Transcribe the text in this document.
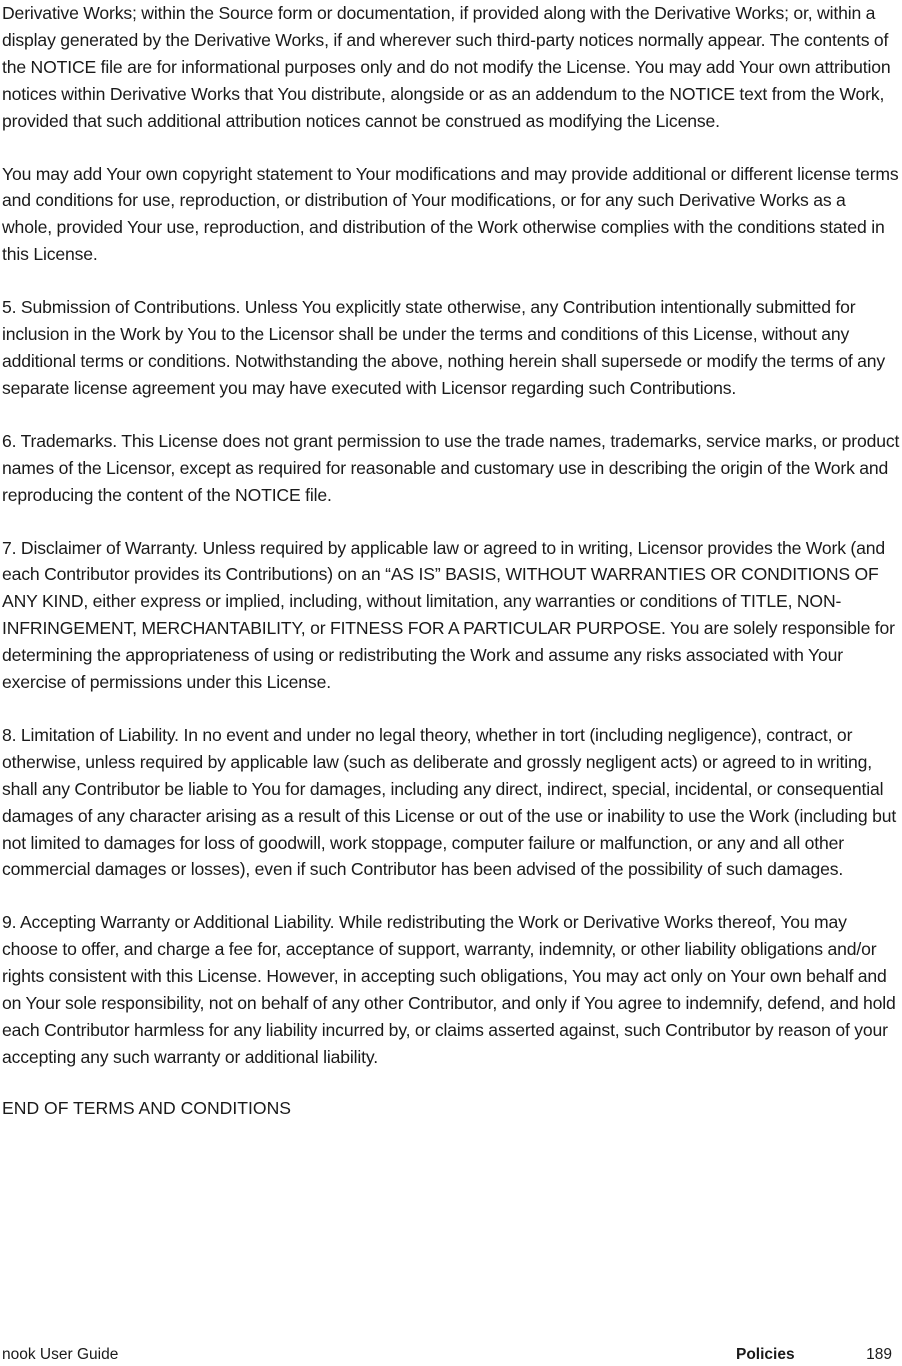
Derivative Works; within the Source form or documentation, if provided along with the Derivative Works; or, within a display generated by the Derivative Works, if and wherever such third-party notices normally appear. The contents of the NOTICE file are for informational purposes only and do not modify the License. You may add Your own attribution notices within Derivative Works that You distribute, alongside or as an addendum to the NOTICE text from the Work, provided that such additional attribution notices cannot be construed as modifying the License.

You may add Your own copyright statement to Your modifications and may provide additional or different license terms and conditions for use, reproduction, or distribution of Your modifications, or for any such Derivative Works as a whole, provided Your use, reproduction, and distribution of the Work otherwise complies with the conditions stated in this License.

5. Submission of Contributions. Unless You explicitly state otherwise, any Contribution intentionally submitted for inclusion in the Work by You to the Licensor shall be under the terms and conditions of this License, without any additional terms or conditions. Notwithstanding the above, nothing herein shall supersede or modify the terms of any separate license agreement you may have executed with Licensor regarding such Contributions.

6. Trademarks. This License does not grant permission to use the trade names, trademarks, service marks, or product names of the Licensor, except as required for reasonable and customary use in describing the origin of the Work and reproducing the content of the NOTICE file.

7. Disclaimer of Warranty. Unless required by applicable law or agreed to in writing, Licensor provides the Work (and each Contributor provides its Contributions) on an “AS IS” BASIS, WITHOUT WARRANTIES OR CONDITIONS OF ANY KIND, either express or implied, including, without limitation, any warranties or conditions of TITLE, NON-INFRINGEMENT, MERCHANTABILITY, or FITNESS FOR A PARTICULAR PURPOSE. You are solely responsible for determining the appropriateness of using or redistributing the Work and assume any risks associated with Your exercise of permissions under this License.

8. Limitation of Liability. In no event and under no legal theory, whether in tort (including negligence), contract, or otherwise, unless required by applicable law (such as deliberate and grossly negligent acts) or agreed to in writing, shall any Contributor be liable to You for damages, including any direct, indirect, special, incidental, or consequential damages of any character arising as a result of this License or out of the use or inability to use the Work (including but not limited to damages for loss of goodwill, work stoppage, computer failure or malfunction, or any and all other commercial damages or losses), even if such Contributor has been advised of the possibility of such damages.

9. Accepting Warranty or Additional Liability. While redistributing the Work or Derivative Works thereof, You may choose to offer, and charge a fee for, acceptance of support, warranty, indemnity, or other liability obligations and/or rights consistent with this License. However, in accepting such obligations, You may act only on Your own behalf and on Your sole responsibility, not on behalf of any other Contributor, and only if You agree to indemnify, defend, and hold each Contributor harmless for any liability incurred by, or claims asserted against, such Contributor by reason of your accepting any such warranty or additional liability.

END OF TERMS AND CONDITIONS

nook User Guide	Policies	189
